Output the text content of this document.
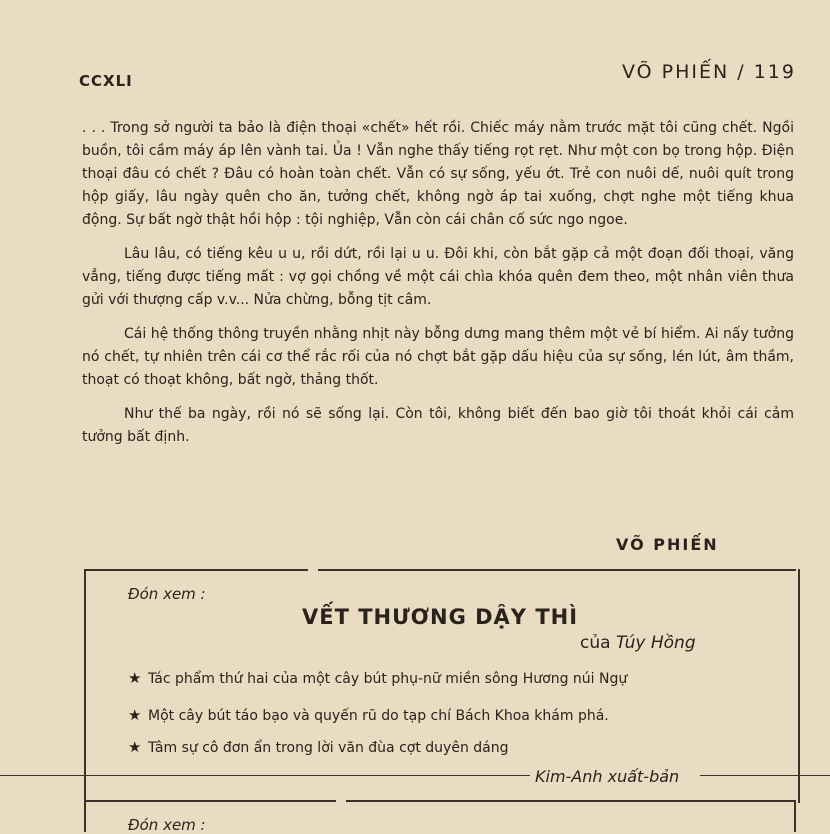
CCXLI	VÕ PHIẾN / 119

. . . Trong sở người ta bảo là điện thoại «chết» hết rồi. Chiếc máy nằm trước mặt tôi cũng chết. Ngồi buồn, tôi cầm máy áp lên vành tai. Ủa ! Vẫn nghe thấy tiếng rọt rẹt. Như một con bọ trong hộp. Điện thoại đâu có chết ? Đâu có hoàn toàn chết. Vẫn có sự sống, yếu ớt. Trẻ con nuôi dế, nuôi quít trong hộp giấy, lâu ngày quên cho ăn, tưởng chết, không ngờ áp tai xuống, chợt nghe một tiếng khua động. Sự bất ngờ thật hồi hộp : tội nghiệp, Vẫn còn cái chân cố sức ngo ngoe.

Lâu lâu, có tiếng kêu u u, rồi dứt, rồi lại u u. Đôi khi, còn bắt gặp cả một đoạn đối thoại, văng vẳng, tiếng được tiếng mất : vợ gọi chồng về một cái chìa khóa quên đem theo, một nhân viên thưa gửi với thượng cấp v.v... Nửa chừng, bỗng tịt câm.

Cái hệ thống thông truyền nhằng nhịt này bỗng dưng mang thêm một vẻ bí hiểm. Ai nấy tưởng nó chết, tự nhiên trên cái cơ thể rắc rối của nó chợt bắt gặp dấu hiệu của sự sống, lén lút, âm thầm, thoạt có thoạt không, bất ngờ, thảng thốt.

Như thế ba ngày, rồi nó sẽ sống lại. Còn tôi, không biết đến bao giờ tôi thoát khỏi cái cảm tưởng bất định.

VÕ PHIẾN
Đón xem :
VẾT THƯƠNG DẬY THÌ
của Túy Hồng
★ Tác phẩm thứ hai của một cây bút phụ-nữ miền sông Hương núi Ngự
★ Một cây bút táo bạo và quyến rũ do tạp chí Bách Khoa khám phá.
★ Tâm sự cô đơn ẩn trong lời văn đùa cợt duyên dáng
Kim-Anh xuất-bản
Đón xem :
